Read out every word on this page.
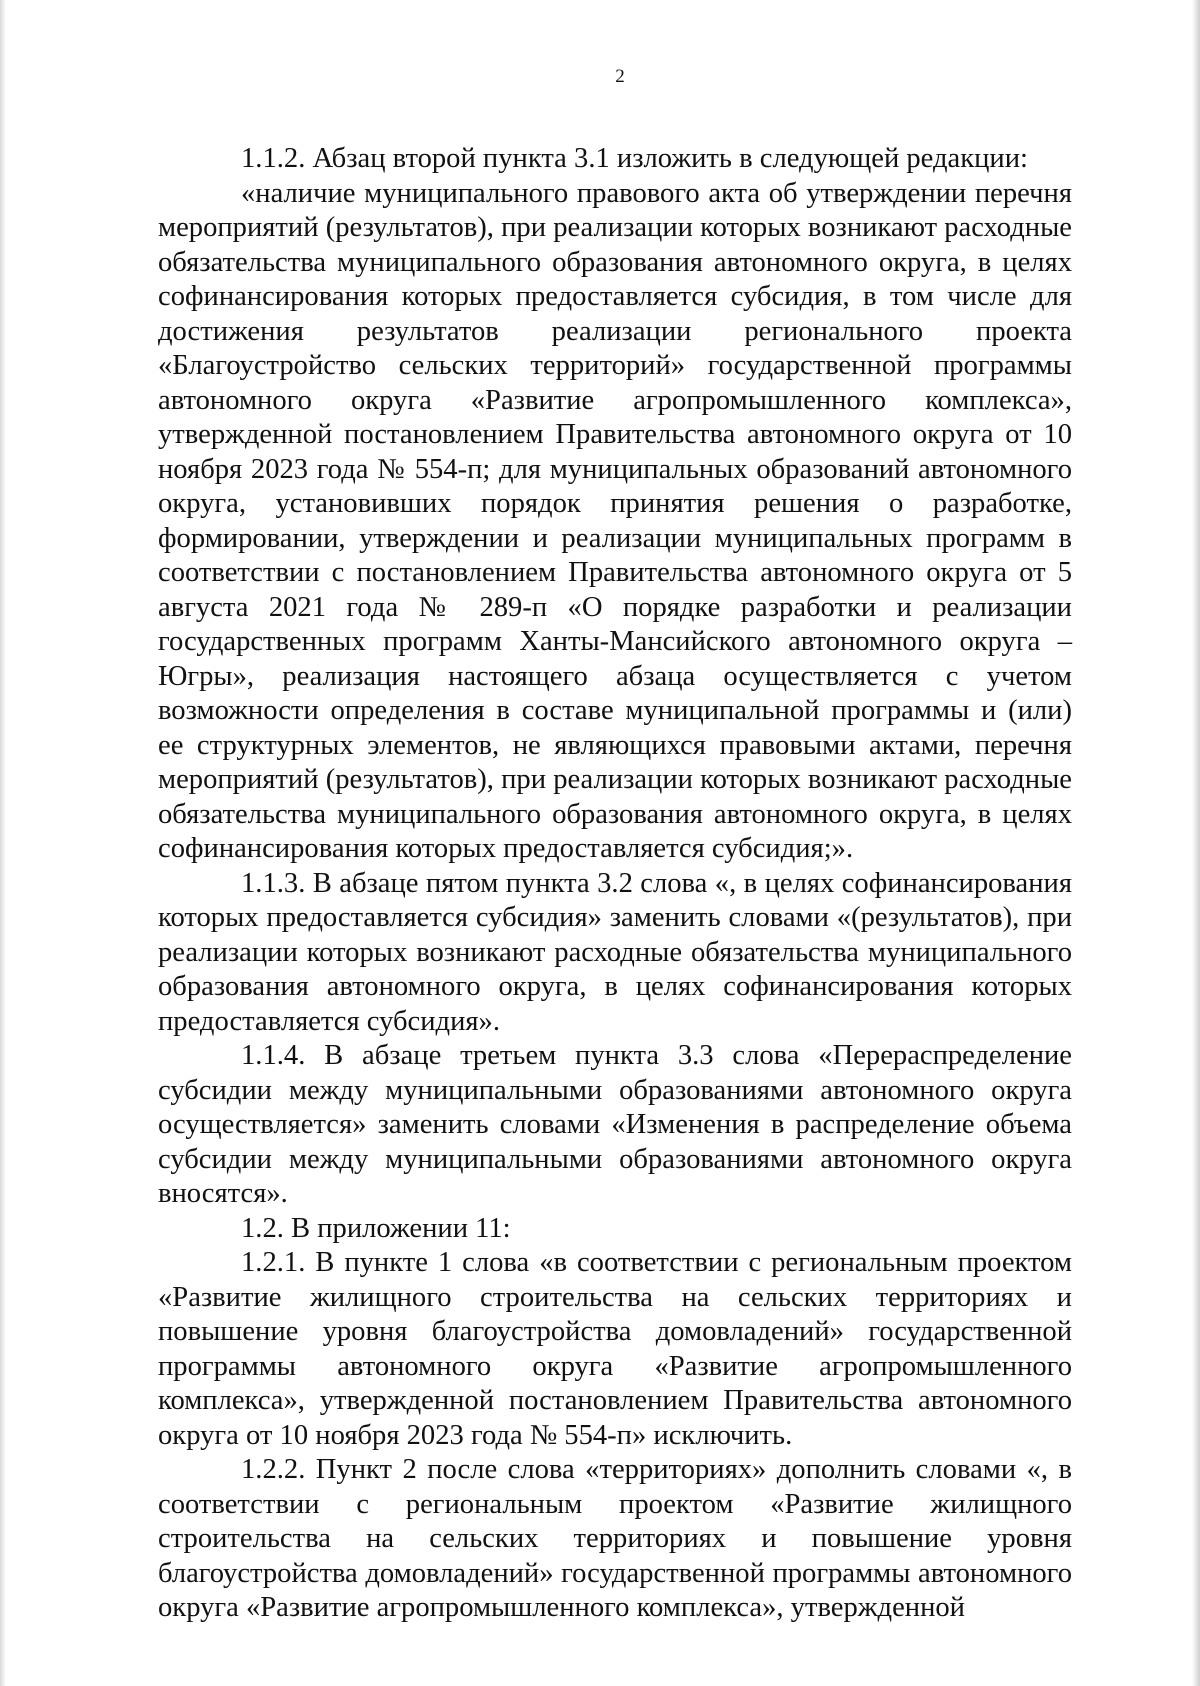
2

1.1.2. Абзац второй пункта 3.1 изложить в следующей редакции:

«наличие муниципального правового акта об утверждении перечня мероприятий (результатов), при реализации которых возникают расходные обязательства муниципального образования автономного округа, в целях софинансирования которых предоставляется субсидия, в том числе для достижения результатов реализации регионального проекта «Благоустройство сельских территорий» государственной программы автономного округа «Развитие агропромышленного комплекса», утвержденной постановлением Правительства автономного округа от 10 ноября 2023 года № 554-п; для муниципальных образований автономного округа, установивших порядок принятия решения о разработке, формировании, утверждении и реализации муниципальных программ в соответствии с постановлением Правительства автономного округа от 5 августа 2021 года № 289-п «О порядке разработки и реализации государственных программ Ханты-Мансийского автономного округа – Югры», реализация настоящего абзаца осуществляется с учетом возможности определения в составе муниципальной программы и (или) ее структурных элементов, не являющихся правовыми актами, перечня мероприятий (результатов), при реализации которых возникают расходные обязательства муниципального образования автономного округа, в целях софинансирования которых предоставляется субсидия;».

1.1.3. В абзаце пятом пункта 3.2 слова «, в целях софинансирования которых предоставляется субсидия» заменить словами «(результатов), при реализации которых возникают расходные обязательства муниципального образования автономного округа, в целях софинансирования которых предоставляется субсидия».

1.1.4. В абзаце третьем пункта 3.3 слова «Перераспределение субсидии между муниципальными образованиями автономного округа осуществляется» заменить словами «Изменения в распределение объема субсидии между муниципальными образованиями автономного округа вносятся».

1.2. В приложении 11:

1.2.1. В пункте 1 слова «в соответствии с региональным проектом «Развитие жилищного строительства на сельских территориях и повышение уровня благоустройства домовладений» государственной программы автономного округа «Развитие агропромышленного комплекса», утвержденной постановлением Правительства автономного округа от 10 ноября 2023 года № 554-п» исключить.

1.2.2. Пункт 2 после слова «территориях» дополнить словами «, в соответствии с региональным проектом «Развитие жилищного строительства на сельских территориях и повышение уровня благоустройства домовладений» государственной программы автономного округа «Развитие агропромышленного комплекса», утвержденной
